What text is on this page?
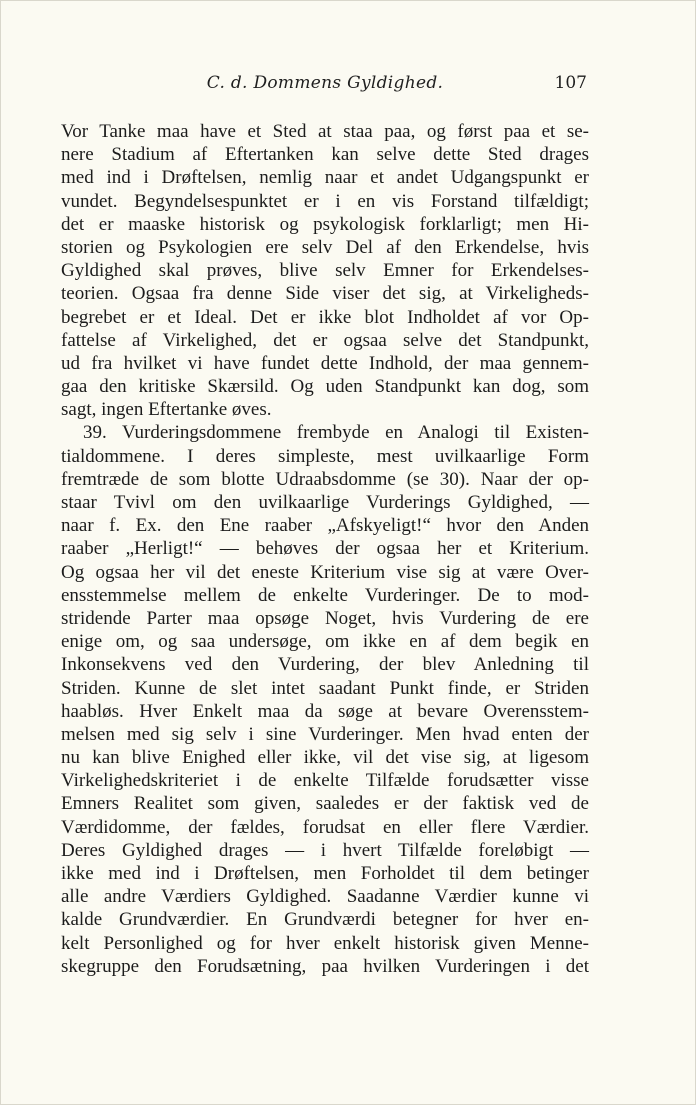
C. d. Dommens Gyldighed.	107
Vor Tanke maa have et Sted at staa paa, og først paa et se-
nere Stadium af Eftertanken kan selve dette Sted drages
med ind i Drøftelsen, nemlig naar et andet Udgangspunkt er
vundet. Begyndelsespunktet er i en vis Forstand tilfældigt;
det er maaske historisk og psykologisk forklarligt; men Hi-
storien og Psykologien ere selv Del af den Erkendelse, hvis
Gyldighed skal prøves, blive selv Emner for Erkendelses-
teorien. Ogsaa fra denne Side viser det sig, at Virkeligheds-
begrebet er et Ideal. Det er ikke blot Indholdet af vor Op-
fattelse af Virkelighed, det er ogsaa selve det Standpunkt,
ud fra hvilket vi have fundet dette Indhold, der maa gennem-
gaa den kritiske Skærsild. Og uden Standpunkt kan dog, som
sagt, ingen Eftertanke øves.
39. Vurderingsdommene frembyde en Analogi til Existen-
tialdommene. I deres simpleste, mest uvilkaarlige Form
fremtræde de som blotte Udraabsdomme (se 30). Naar der op-
staar Tvivl om den uvilkaarlige Vurderings Gyldighed, —
naar f. Ex. den Ene raaber „Afskyeligt!“ hvor den Anden
raaber „Herligt!“ — behøves der ogsaa her et Kriterium.
Og ogsaa her vil det eneste Kriterium vise sig at være Over-
ensstemmelse mellem de enkelte Vurderinger. De to mod-
stridende Parter maa opsøge Noget, hvis Vurdering de ere
enige om, og saa undersøge, om ikke en af dem begik en
Inkonsekvens ved den Vurdering, der blev Anledning til
Striden. Kunne de slet intet saadant Punkt finde, er Striden
haabløs. Hver Enkelt maa da søge at bevare Overensstem-
melsen med sig selv i sine Vurderinger. Men hvad enten der
nu kan blive Enighed eller ikke, vil det vise sig, at ligesom
Virkelighedskriteriet i de enkelte Tilfælde forudsætter visse
Emners Realitet som given, saaledes er der faktisk ved de
Værdidomme, der fældes, forudsat en eller flere Værdier.
Deres Gyldighed drages — i hvert Tilfælde foreløbigt —
ikke med ind i Drøftelsen, men Forholdet til dem betinger
alle andre Værdiers Gyldighed. Saadanne Værdier kunne vi
kalde Grundværdier. En Grundværdi betegner for hver en-
kelt Personlighed og for hver enkelt historisk given Menne-
skegruppe den Forudsætning, paa hvilken Vurderingen i det
